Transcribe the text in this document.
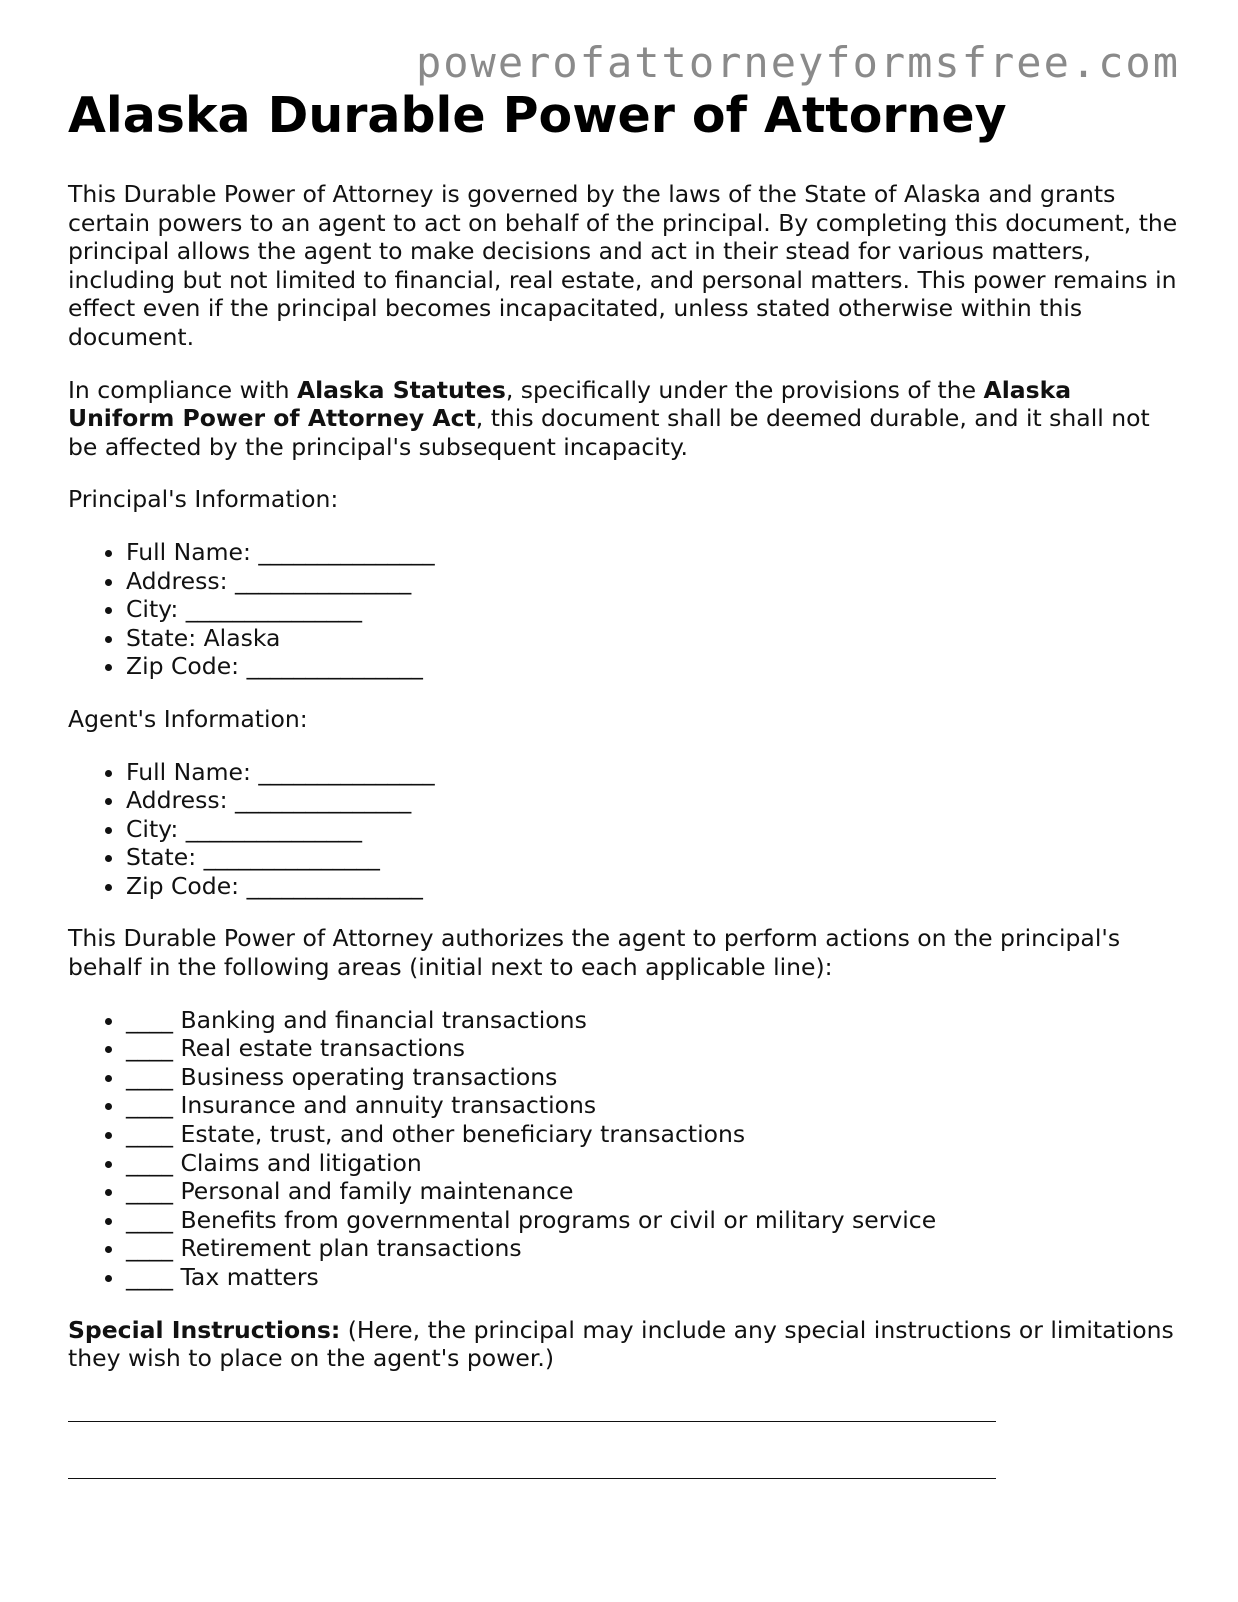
powerofattorneyformsfree.com
Alaska Durable Power of Attorney

This Durable Power of Attorney is governed by the laws of the State of Alaska and grants certain powers to an agent to act on behalf of the principal. By completing this document, the principal allows the agent to make decisions and act in their stead for various matters, including but not limited to financial, real estate, and personal matters. This power remains in effect even if the principal becomes incapacitated, unless stated otherwise within this document.

In compliance with Alaska Statutes, specifically under the provisions of the Alaska Uniform Power of Attorney Act, this document shall be deemed durable, and it shall not be affected by the principal's subsequent incapacity.

Principal's Information:

• Full Name: _______________
• Address: _______________
• City: _______________
• State: Alaska
• Zip Code: _______________

Agent's Information:

• Full Name: _______________
• Address: _______________
• City: _______________
• State: _______________
• Zip Code: _______________

This Durable Power of Attorney authorizes the agent to perform actions on the principal's behalf in the following areas (initial next to each applicable line):

• ____ Banking and financial transactions
• ____ Real estate transactions
• ____ Business operating transactions
• ____ Insurance and annuity transactions
• ____ Estate, trust, and other beneficiary transactions
• ____ Claims and litigation
• ____ Personal and family maintenance
• ____ Benefits from governmental programs or civil or military service
• ____ Retirement plan transactions
• ____ Tax matters

Special Instructions: (Here, the principal may include any special instructions or limitations they wish to place on the agent's power.)
